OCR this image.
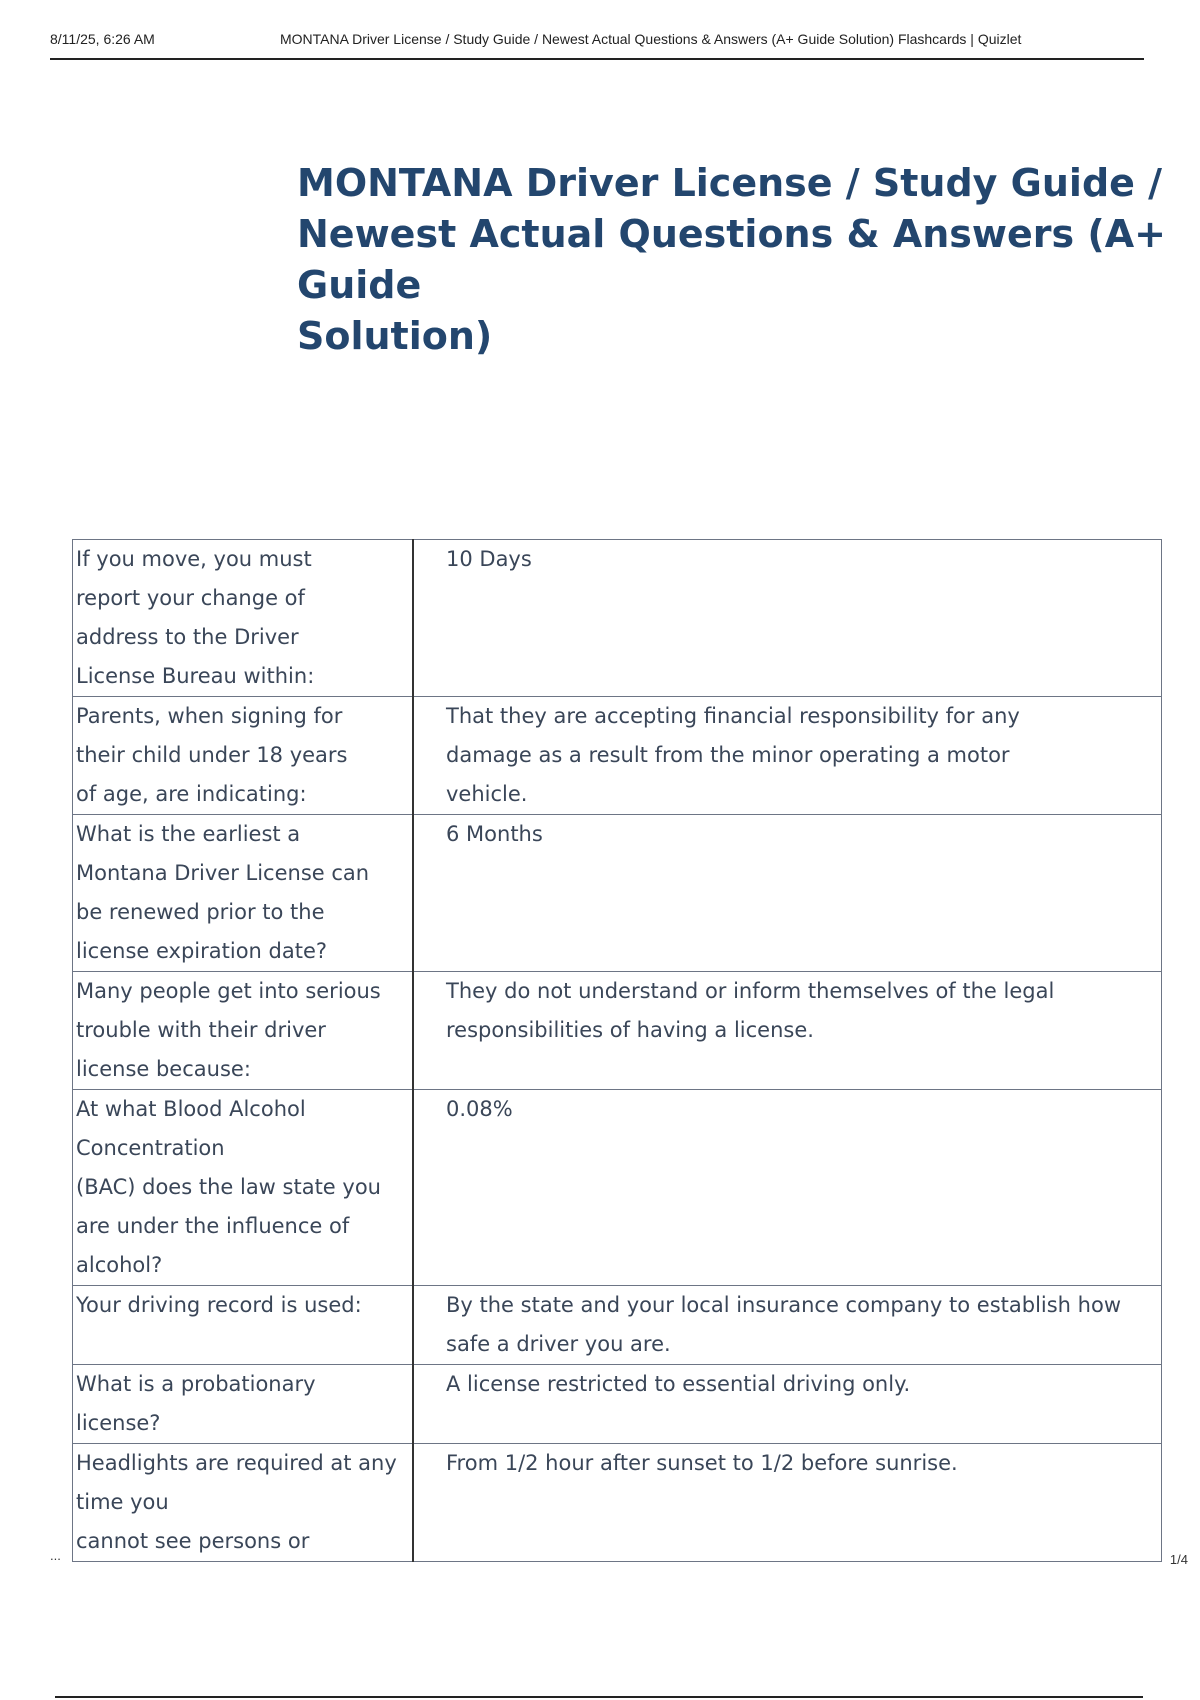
8/11/25, 6:26 AM	MONTANA Driver License / Study Guide / Newest Actual Questions & Answers (A+ Guide Solution) Flashcards | Quizlet
MONTANA Driver License / Study Guide /
Newest Actual Questions & Answers (A+ Guide
Solution)
If you move, you must
report your change of
address to the Driver
License Bureau within:	10 Days
Parents, when signing for
their child under 18 years
of age, are indicating:	That they are accepting financial responsibility for any
damage as a result from the minor operating a motor
vehicle.
What is the earliest a
Montana Driver License can
be renewed prior to the
license expiration date?	6 Months
Many people get into serious
trouble with their driver
license because:	They do not understand or inform themselves of the legal
responsibilities of having a license.
At what Blood Alcohol
Concentration
(BAC) does the law state you
are under the influence of
alcohol?	0.08%
Your driving record is used:	By the state and your local insurance company to establish how
safe a driver you are.
What is a probationary
license?	A license restricted to essential driving only.
Headlights are required at any
time you
cannot see persons or	From 1/2 hour after sunset to 1/2 before sunrise.
...	1/4
